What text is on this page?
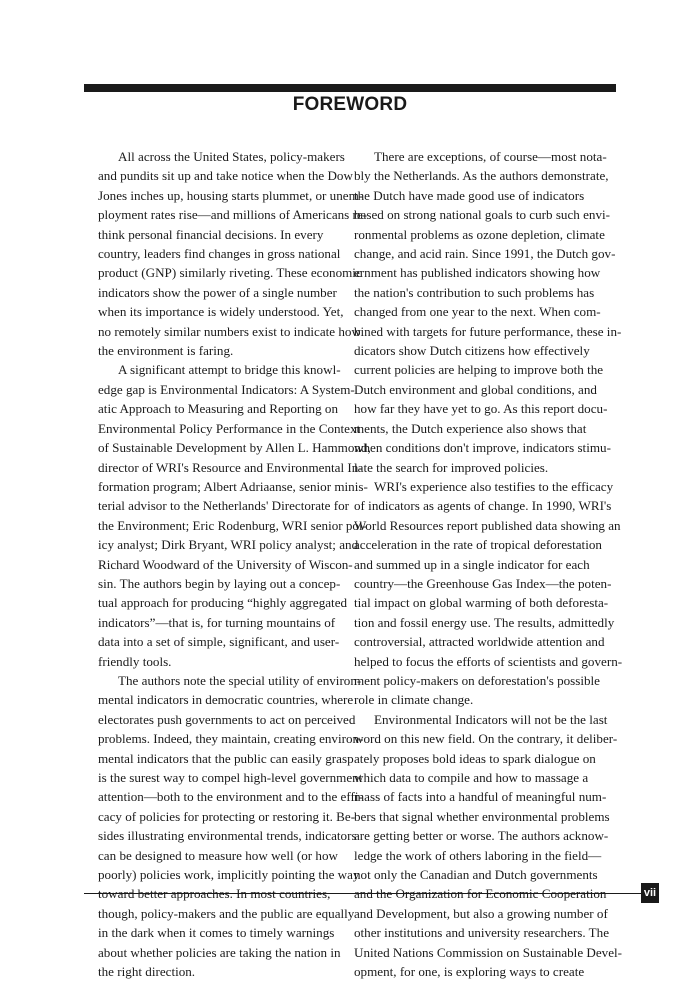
FOREWORD

All across the United States, policy-makers
and pundits sit up and take notice when the Dow
Jones inches up, housing starts plummet, or unem-
ployment rates rise—and millions of Americans re-
think personal financial decisions. In every
country, leaders find changes in gross national
product (GNP) similarly riveting. These economic
indicators show the power of a single number
when its importance is widely understood. Yet,
no remotely similar numbers exist to indicate how
the environment is faring.

A significant attempt to bridge this knowl-
edge gap is Environmental Indicators: A System-
atic Approach to Measuring and Reporting on
Environmental Policy Performance in the Context
of Sustainable Development by Allen L. Hammond,
director of WRI's Resource and Environmental In-
formation program; Albert Adriaanse, senior minis-
terial advisor to the Netherlands' Directorate for
the Environment; Eric Rodenburg, WRI senior pol-
icy analyst; Dirk Bryant, WRI policy analyst; and
Richard Woodward of the University of Wiscon-
sin. The authors begin by laying out a concep-
tual approach for producing “highly aggregated
indicators”—that is, for turning mountains of
data into a set of simple, significant, and user-
friendly tools.

The authors note the special utility of environ-
mental indicators in democratic countries, where
electorates push governments to act on perceived
problems. Indeed, they maintain, creating environ-
mental indicators that the public can easily grasp
is the surest way to compel high-level government
attention—both to the environment and to the effi-
cacy of policies for protecting or restoring it. Be-
sides illustrating environmental trends, indicators
can be designed to measure how well (or how
poorly) policies work, implicitly pointing the way
though, policy-makers and the public are equally
in the dark when it comes to timely warnings
about whether policies are taking the nation in
the right direction.

There are exceptions, of course—most nota-
bly the Netherlands. As the authors demonstrate,
the Dutch have made good use of indicators
based on strong national goals to curb such envi-
ronmental problems as ozone depletion, climate
change, and acid rain. Since 1991, the Dutch gov-
ernment has published indicators showing how
the nation's contribution to such problems has
changed from one year to the next. When com-
bined with targets for future performance, these in-
dicators show Dutch citizens how effectively
current policies are helping to improve both the
Dutch environment and global conditions, and
how far they have yet to go. As this report docu-
ments, the Dutch experience also shows that
when conditions don't improve, indicators stimu-
late the search for improved policies.

WRI's experience also testifies to the efficacy
of indicators as agents of change. In 1990, WRI's
World Resources report published data showing an
acceleration in the rate of tropical deforestation
and summed up in a single indicator for each
country—the Greenhouse Gas Index—the poten-
tial impact on global warming of both deforesta-
tion and fossil energy use. The results, admittedly
controversial, attracted worldwide attention and
helped to focus the efforts of scientists and govern-
ment policy-makers on deforestation's possible
role in climate change.

Environmental Indicators will not be the last
word on this new field. On the contrary, it deliber-
ately proposes bold ideas to spark dialogue on
which data to compile and how to massage a
mass of facts into a handful of meaningful num-
bers that signal whether environmental problems
are getting better or worse. The authors acknow-
ledge the work of others laboring in the field—
not only the Canadian and Dutch governments
and Development, but also a growing number of
other institutions and university researchers. The
United Nations Commission on Sustainable Devel-
opment, for one, is exploring ways to create

vii
